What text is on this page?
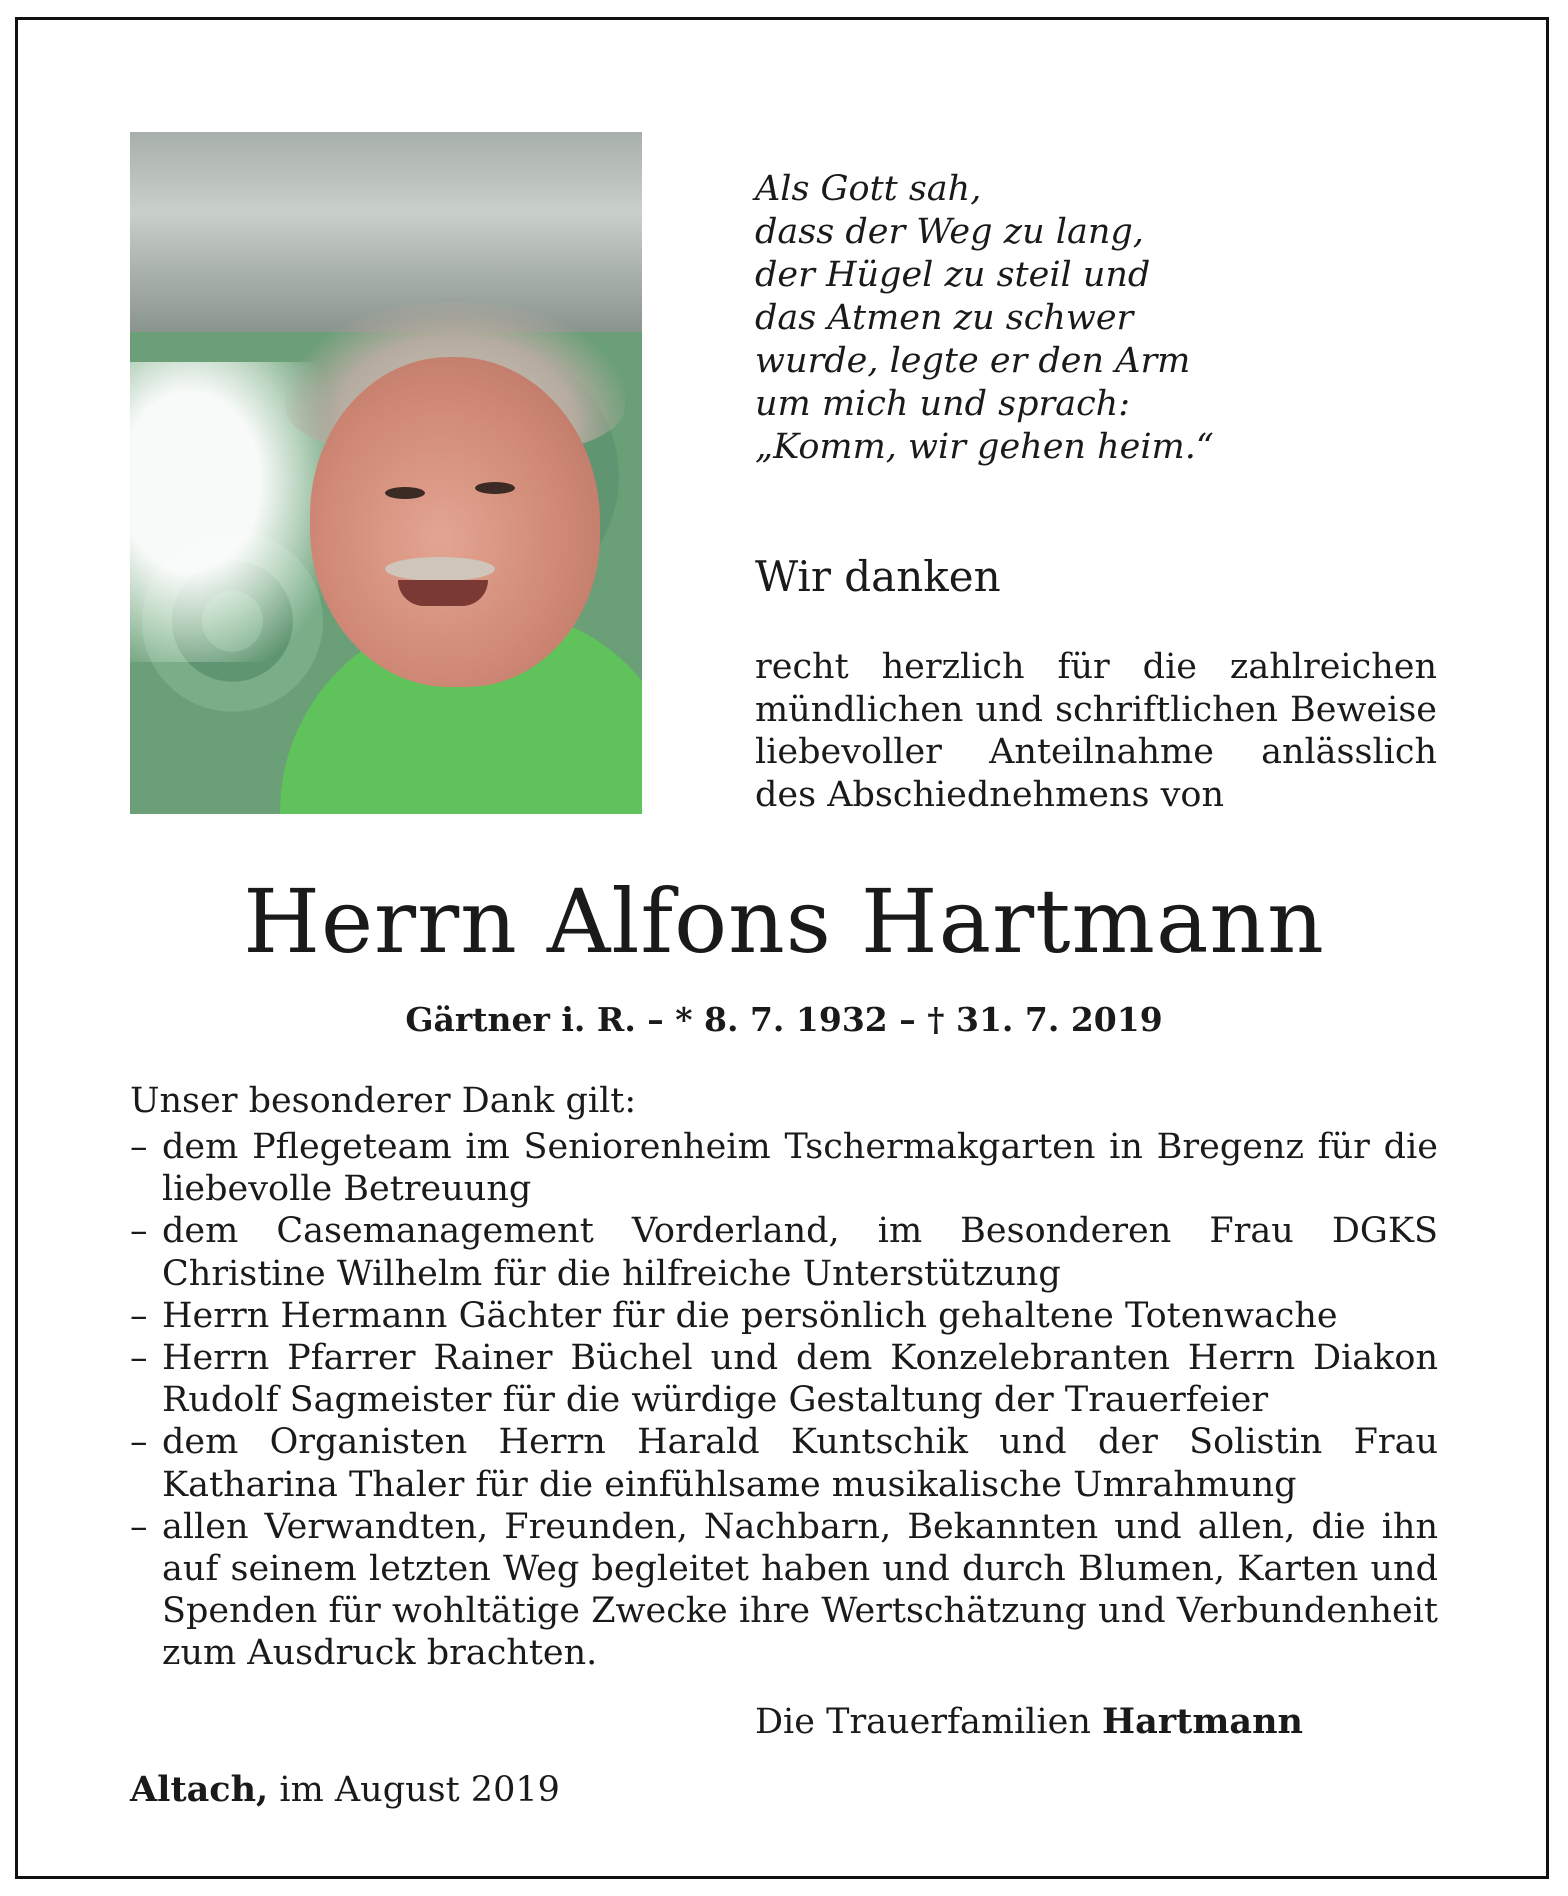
Als Gott sah,
dass der Weg zu lang,
der Hügel zu steil und
das Atmen zu schwer
wurde, legte er den Arm
um mich und sprach:
„Komm, wir gehen heim.“
Wir danken
recht herzlich für die zahlreichen mündlichen und schriftlichen Beweise liebevoller Anteilnahme anlässlich des Abschiednehmens von
Herrn Alfons Hartmann
Gärtner i. R. – * 8. 7. 1932 – † 31. 7. 2019
Unser besonderer Dank gilt:
– dem Pflegeteam im Seniorenheim Tschermakgarten in Bregenz für die liebevolle Betreuung
– dem Casemanagement Vorderland, im Besonderen Frau DGKS Christine Wilhelm für die hilfreiche Unterstützung
– Herrn Hermann Gächter für die persönlich gehaltene Totenwache
– Herrn Pfarrer Rainer Büchel und dem Konzelebranten Herrn Diakon Rudolf Sagmeister für die würdige Gestaltung der Trauerfeier
– dem Organisten Herrn Harald Kuntschik und der Solistin Frau Katharina Thaler für die einfühlsame musikalische Umrahmung
– allen Verwandten, Freunden, Nachbarn, Bekannten und allen, die ihn auf seinem letzten Weg begleitet haben und durch Blumen, Karten und Spenden für wohltätige Zwecke ihre Wertschätzung und Verbundenheit zum Ausdruck brachten.
Die Trauerfamilien Hartmann
Altach, im August 2019
